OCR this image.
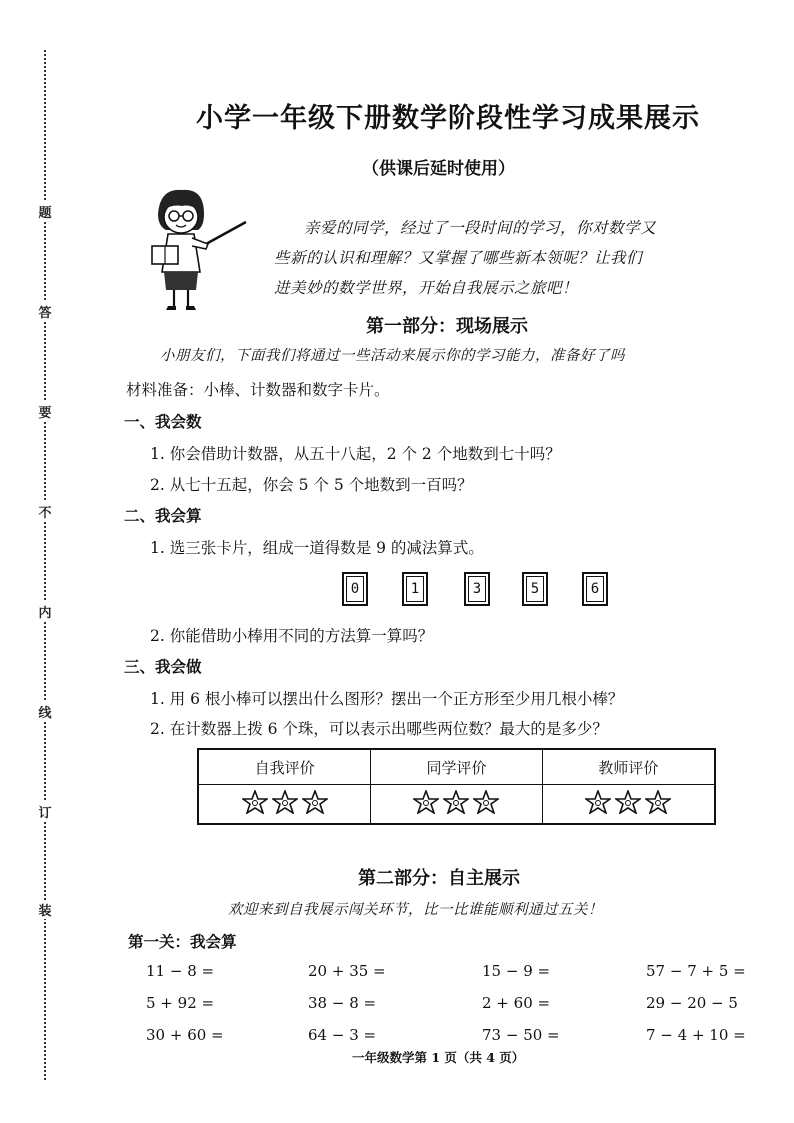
题
答
要
不
内
线
订
装
小学一年级下册数学阶段性学习成果展示
（供课后延时使用）
亲爱的同学，经过了一段时间的学习，你对数学又
些新的认识和理解？又掌握了哪些新本领呢？让我们
进美妙的数学世界，开始自我展示之旅吧！
第一部分：现场展示
小朋友们，下面我们将通过一些活动来展示你的学习能力，准备好了吗
材料准备：小棒、计数器和数字卡片。
一、我会数
1. 你会借助计数器，从五十八起，2 个 2 个地数到七十吗？
2. 从七十五起，你会 5 个 5 个地数到一百吗？
二、我会算
1. 选三张卡片，组成一道得数是 9 的减法算式。
0	1	3	5	6
2. 你能借助小棒用不同的方法算一算吗？
三、我会做
1. 用 6 根小棒可以摆出什么图形？摆出一个正方形至少用几根小棒？
2. 在计数器上拨 6 个珠，可以表示出哪些两位数？最大的是多少？
自我评价	同学评价	教师评价

第二部分：自主展示
欢迎来到自我展示闯关环节，比一比谁能顺利通过五关！
第一关：我会算
11 − 8 =	20 + 35 =	15 − 9 =	57 − 7 + 5 =
5 + 92 =	38 − 8 =	2 + 60 =	29 − 20 − 5
30 + 60 =	64 − 3 =	73 − 50 =	7 − 4 + 10 =
一年级数学第 1 页（共 4 页）
